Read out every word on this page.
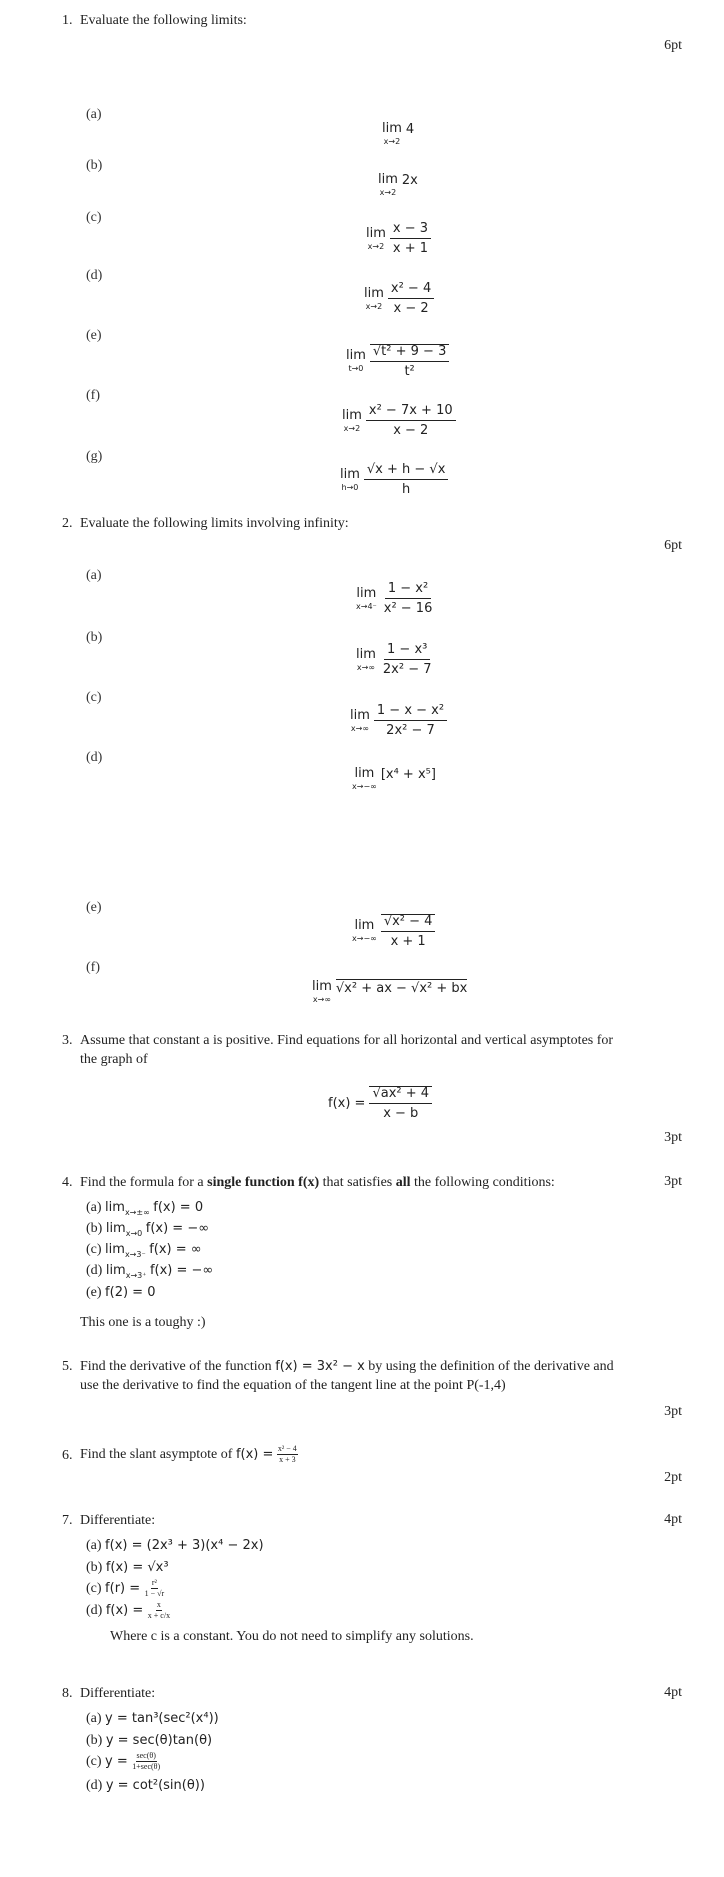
1. Evaluate the following limits:
6pt
(a)
lim
x→2
4
(b)
lim
x→2
2x
(c)
lim
$x\to 2 \frac{x - 3}{x + 1}$
(d)
lim
$x\to 2 \frac{\text{x² − 4}}{x - 2}$
(e)
lim
$t\to 0 \frac{\text{√t² + 9 − 3}}{\text{t²}}$
(f)
lim
$x\to 2 \frac{\text{x² − 7x + 10}}{x - 2}$
(g)
lim
$h\to 0 \frac{√x + h - √x}{h}$
2. Evaluate the following limits involving infinity:
6pt
(a)
lim
$x\to 4^- \frac{\text{1 − x²}}{\text{x² − 16}}$
(b)
lim
$x\to\infty \frac{\text{1 − x³}}{\text{2x² − 7}}$
(c)
lim
$x\to\infty \frac{\text{1 − x − x²}}{\text{2x² − 7}}$
(d)
lim
x→−∞
[x⁴ + x⁵]
(e)
lim
$x\to-\infty \frac{\text{√x² − 4}}{x + 1}$
(f)
lim
x→∞
√x² + ax − √x² + bx
3. Assume that constant a is positive. Find equations for all horizontal and vertical asymptotes for
the graph of
$f(x) = \frac{\text{√ax² + 4}}{x - b}$
3pt
4. Find the formula for a single function f(x) that satisfies all the following conditions:	3pt
(a) $\lim_{x\to\pm\infty} f(x) = 0$
(b) $\lim_{x\to 0} f(x)$ = −∞
(c) $\lim_{x\to 3^-} f(x)$ = ∞
(d) $\lim_{x\to 3^+} f(x)$ = −∞
(e) f(2) = 0
This one is a toughy :)
5. Find the derivative of the function f(x) = 3x² − x by using the definition of the derivative and
use the derivative to find the equation of the tangent line at the point P(-1,4)
3pt
6. Find the slant asymptote of
f(x) =
$\frac{\text{x² − 4}}{x + 3}$
2pt
7. Differentiate:	4pt
(a) f(x) = (2x³ + 3)(x⁴ − 2x)
(b) f(x) = √x³
(c)
f(r) =
$\frac{\text{r²}}{1 - √r}$
(d)
f(x) =
$\frac{x}{x + c/x}$
Where c is a constant. You do not need to simplify any solutions.
8. Differentiate:	4pt
(a) y = tan³(sec²(x⁴))
(b) y = sec(θ)tan(θ)
(c)
y =
$\frac{\sec(\theta)}{1+\sec(\theta)}$
(d) y = cot²(sin(θ))
